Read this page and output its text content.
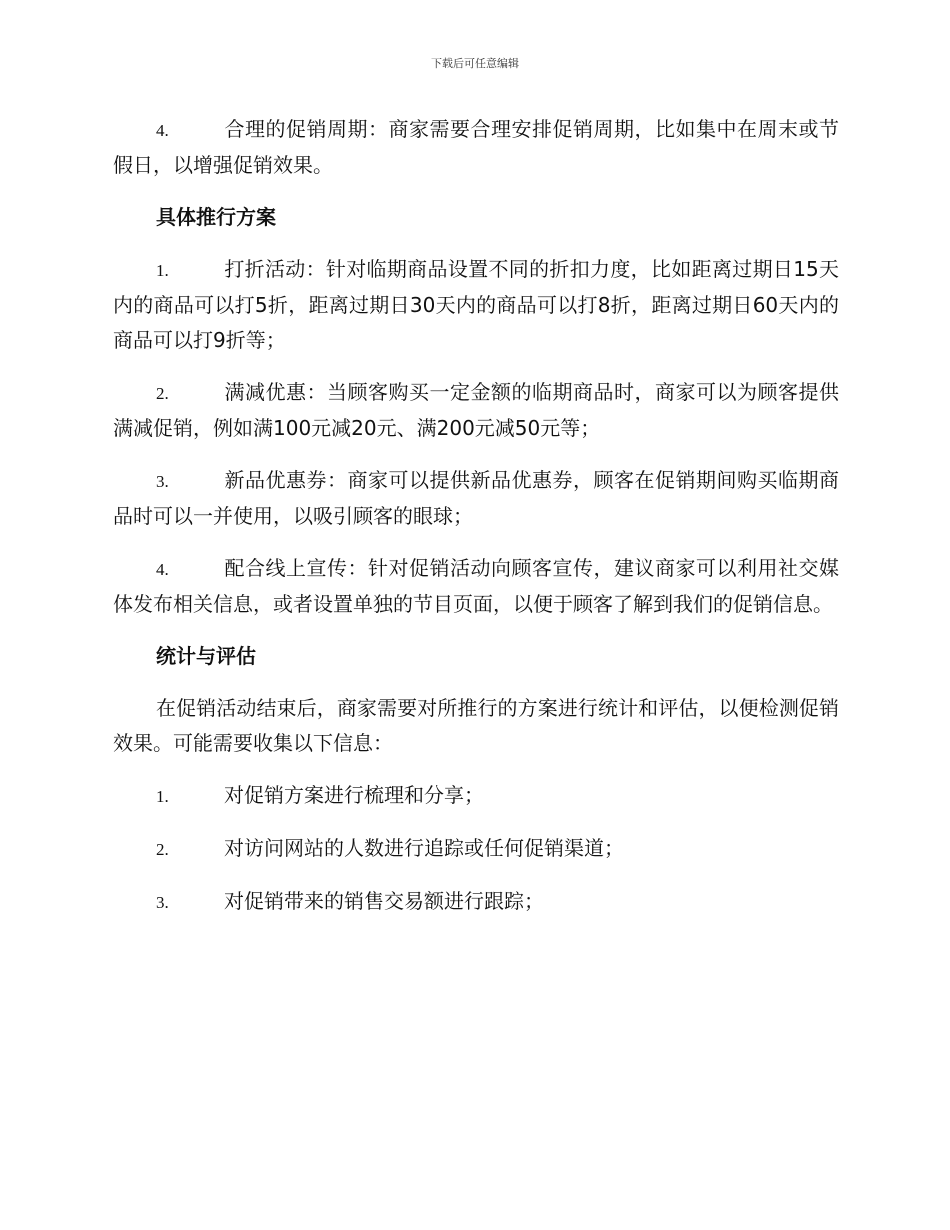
下载后可任意编辑

4.	合理的促销周期：商家需要合理安排促销周期，比如集中在周末或节假日，以增强促销效果。

具体推行方案

1.	打折活动：针对临期商品设置不同的折扣力度，比如距离过期日15天内的商品可以打5折，距离过期日30天内的商品可以打8折，距离过期日60天内的商品可以打9折等；

2.	满减优惠：当顾客购买一定金额的临期商品时，商家可以为顾客提供满减促销，例如满100元减20元、满200元减50元等；

3.	新品优惠券：商家可以提供新品优惠券，顾客在促销期间购买临期商品时可以一并使用，以吸引顾客的眼球；

4.	配合线上宣传：针对促销活动向顾客宣传，建议商家可以利用社交媒体发布相关信息，或者设置单独的节目页面，以便于顾客了解到我们的促销信息。

统计与评估

在促销活动结束后，商家需要对所推行的方案进行统计和评估，以便检测促销效果。可能需要收集以下信息：

1.	对促销方案进行梳理和分享；
2.	对访问网站的人数进行追踪或任何促销渠道；
3.	对促销带来的销售交易额进行跟踪；
